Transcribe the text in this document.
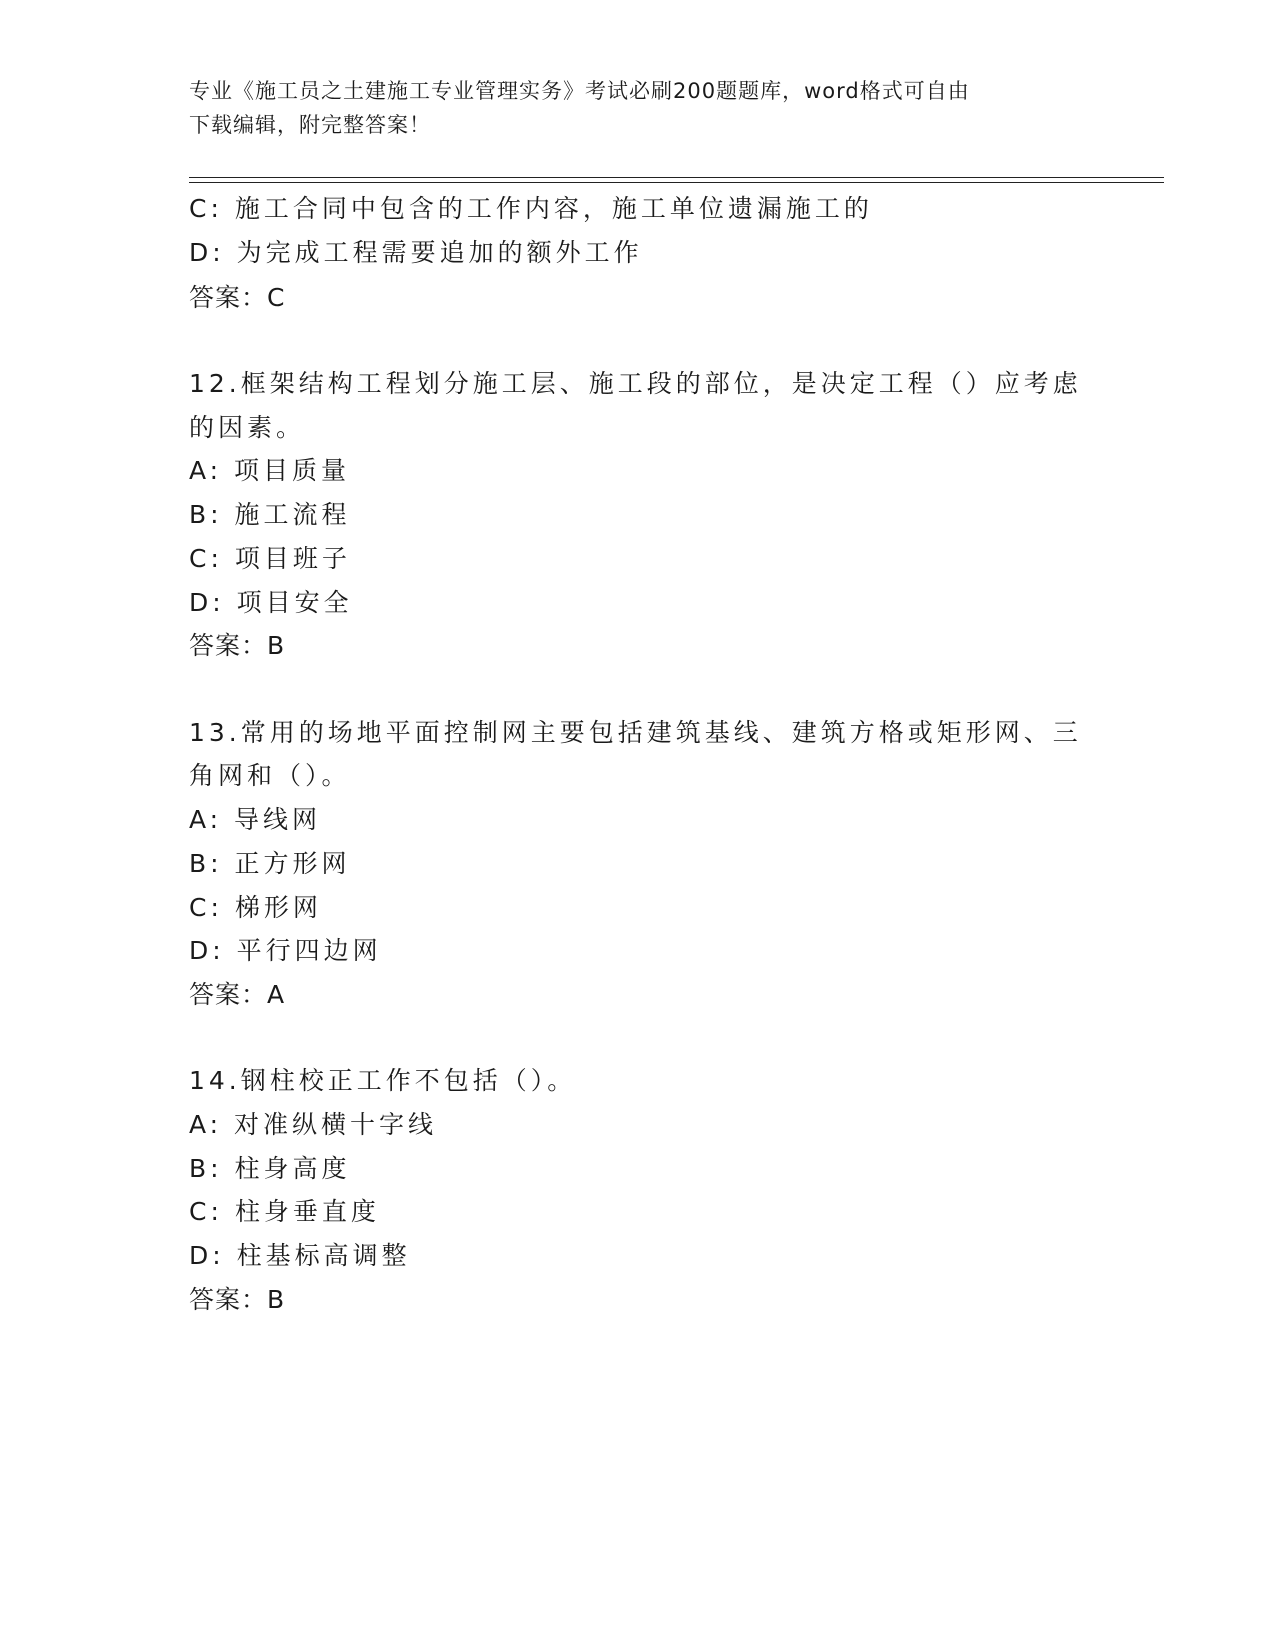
专业《施工员之土建施工专业管理实务》考试必刷200题题库，word格式可自由
下载编辑，附完整答案！
C: 施工合同中包含的工作内容，施工单位遗漏施工的
D: 为完成工程需要追加的额外工作
答案：C
12.框架结构工程划分施工层、施工段的部位，是决定工程（）应考虑
的因素。
A: 项目质量
B: 施工流程
C: 项目班子
D: 项目安全
答案：B
13.常用的场地平面控制网主要包括建筑基线、建筑方格或矩形网、三
角网和（）。
A: 导线网
B: 正方形网
C: 梯形网
D: 平行四边网
答案：A
14.钢柱校正工作不包括（）。
A: 对准纵横十字线
B: 柱身高度
C: 柱身垂直度
D: 柱基标高调整
答案：B
